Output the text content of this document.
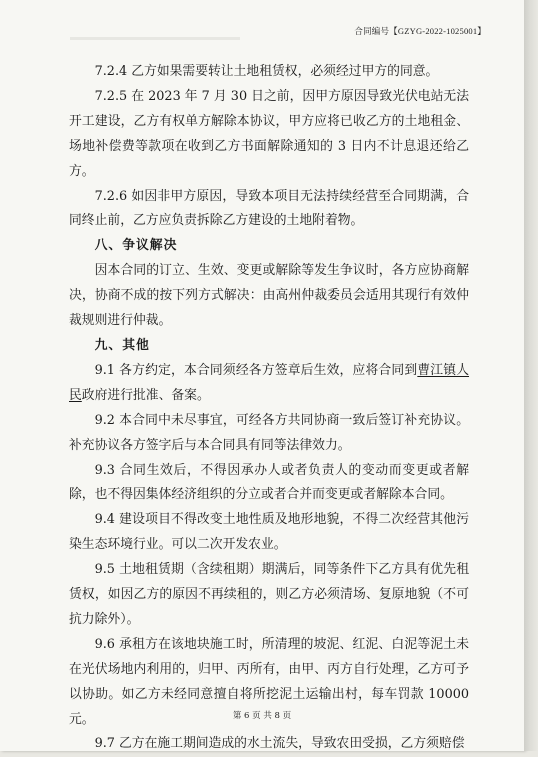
合同编号【GZYG-2022-1025001】

7.2.4 乙方如果需要转让土地租赁权，必须经过甲方的同意。

7.2.5 在 2023 年 7 月 30 日之前，因甲方原因导致光伏电站无法开工建设，乙方有权单方解除本协议，甲方应将已收乙方的土地租金、场地补偿费等款项在收到乙方书面解除通知的 3 日内不计息退还给乙方。

7.2.6 如因非甲方原因，导致本项目无法持续经营至合同期满，合同终止前，乙方应负责拆除乙方建设的土地附着物。

八、争议解决

因本合同的订立、生效、变更或解除等发生争议时，各方应协商解决，协商不成的按下列方式解决：由高州仲裁委员会适用其现行有效仲裁规则进行仲裁。

九、其他

9.1 各方约定，本合同须经各方签章后生效，应将合同到曹江镇人民政府进行批准、备案。

9.2 本合同中未尽事宜，可经各方共同协商一致后签订补充协议。补充协议各方签字后与本合同具有同等法律效力。

9.3 合同生效后，不得因承办人或者负责人的变动而变更或者解除，也不得因集体经济组织的分立或者合并而变更或者解除本合同。

9.4 建设项目不得改变土地性质及地形地貌，不得二次经营其他污染生态环境行业。可以二次开发农业。

9.5 土地租赁期（含续租期）期满后，同等条件下乙方具有优先租赁权，如因乙方的原因不再续租的，则乙方必须清场、复原地貌（不可抗力除外）。

9.6 承租方在该地块施工时，所清理的坡泥、红泥、白泥等泥土未在光伏场地内利用的，归甲、丙所有，由甲、丙方自行处理，乙方可予以协助。如乙方未经同意擅自将所挖泥土运输出村，每车罚款 10000 元。

9.7 乙方在施工期间造成的水土流失，导致农田受损，乙方须赔偿

第 6 页 共 8 页
